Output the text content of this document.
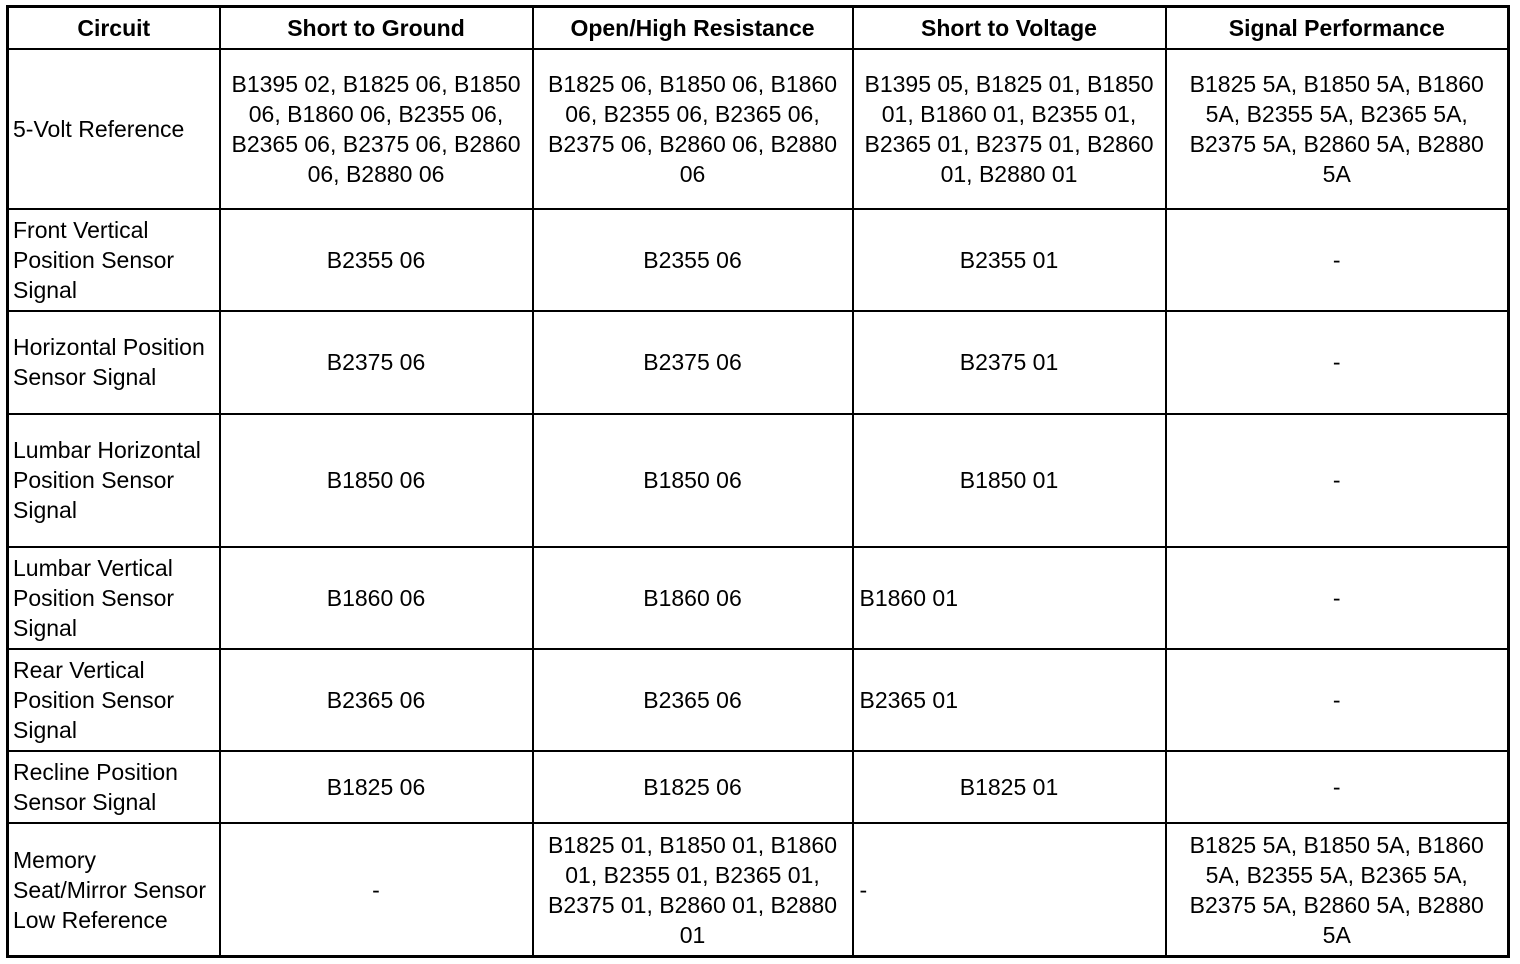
Circuit	Short to Ground	Open/High Resistance	Short to Voltage	Signal Performance
5-Volt Reference	B1395 02, B1825 06, B1850 06, B1860 06, B2355 06, B2365 06, B2375 06, B2860 06, B2880 06	B1825 06, B1850 06, B1860 06, B2355 06, B2365 06, B2375 06, B2860 06, B2880 06	B1395 05, B1825 01, B1850 01, B1860 01, B2355 01, B2365 01, B2375 01, B2860 01, B2880 01	B1825 5A, B1850 5A, B1860 5A, B2355 5A, B2365 5A, B2375 5A, B2860 5A, B2880 5A
Front Vertical Position Sensor Signal	B2355 06	B2355 06	B2355 01	-
Horizontal Position Sensor Signal	B2375 06	B2375 06	B2375 01	-
Lumbar Horizontal Position Sensor Signal	B1850 06	B1850 06	B1850 01	-
Lumbar Vertical Position Sensor Signal	B1860 06	B1860 06	B1860 01	-
Rear Vertical Position Sensor Signal	B2365 06	B2365 06	B2365 01	-
Recline Position Sensor Signal	B1825 06	B1825 06	B1825 01	-
Memory Seat/Mirror Sensor Low Reference	-	B1825 01, B1850 01, B1860 01, B2355 01, B2365 01, B2375 01, B2860 01, B2880 01	-	B1825 5A, B1850 5A, B1860 5A, B2355 5A, B2365 5A, B2375 5A, B2860 5A, B2880 5A
